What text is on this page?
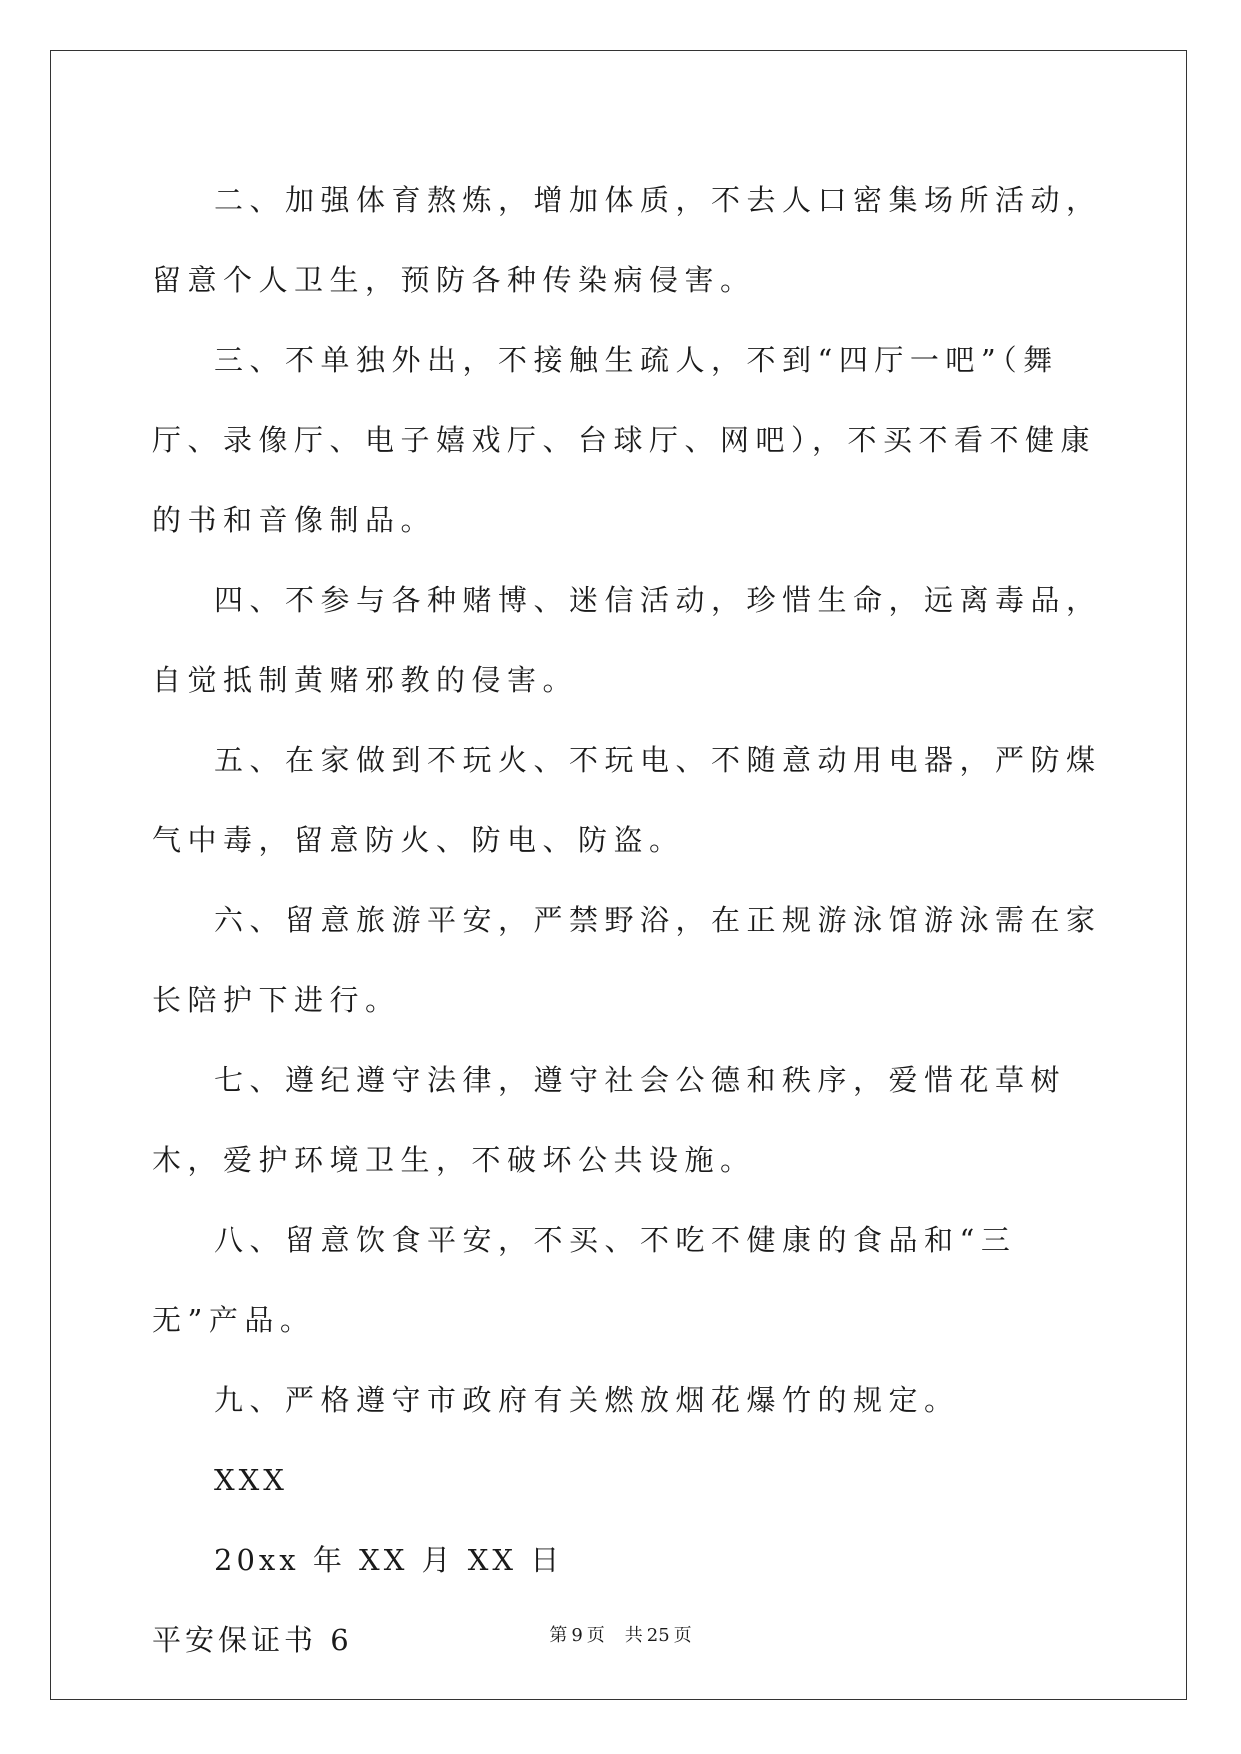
二、加强体育熬炼，增加体质，不去人口密集场所活动，留意个人卫生，预防各种传染病侵害。

三、不单独外出，不接触生疏人，不到“四厅一吧”（舞厅、录像厅、电子嬉戏厅、台球厅、网吧），不买不看不健康的书和音像制品。

四、不参与各种赌博、迷信活动，珍惜生命，远离毒品，自觉抵制黄赌邪教的侵害。

五、在家做到不玩火、不玩电、不随意动用电器，严防煤气中毒，留意防火、防电、防盗。

六、留意旅游平安，严禁野浴，在正规游泳馆游泳需在家长陪护下进行。

七、遵纪遵守法律，遵守社会公德和秩序，爱惜花草树木，爱护环境卫生，不破坏公共设施。

八、留意饮食平安，不买、不吃不健康的食品和“三无”产品。

九、严格遵守市政府有关燃放烟花爆竹的规定。

XXX

20xx 年 XX 月 XX 日

平安保证书 6	第 9 页 共 25 页
